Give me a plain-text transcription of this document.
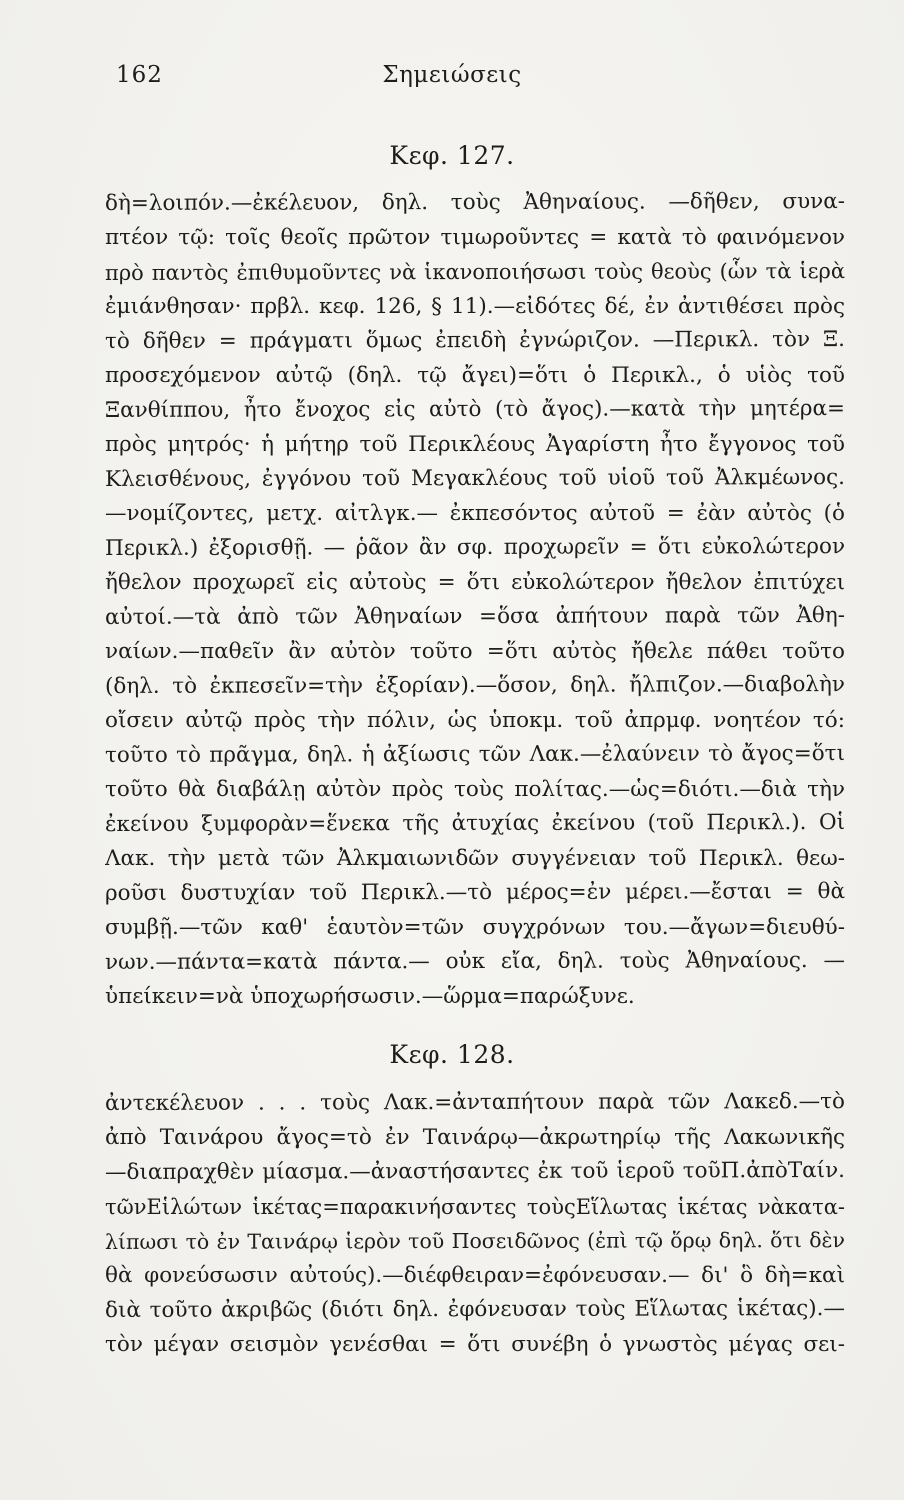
162	Σημειώσεις
Κεφ. 127.
δὴ=λοιπόν.—ἐκέλευον, δηλ. τοὺς Ἀθηναίους. —δῆθεν, συνα-
πτέον τῷ: τοῖς θεοῖς πρῶτον τιμωροῦντες = κατὰ τὸ φαινόμενον
πρὸ παντὸς ἐπιθυμοῦντες νὰ ἱκανοποιήσωσι τοὺς θεοὺς (ὧν τὰ ἱερὰ
ἐμιάνθησαν· πρβλ. κεφ. 126, § 11).—εἰδότες δέ, ἐν ἀντιθέσει πρὸς
τὸ δῆθεν = πράγματι ὅμως ἐπειδὴ ἐγνώριζον. —Περικλ. τὸν Ξ.
προσεχόμενον αὐτῷ (δηλ. τῷ ἄγει)=ὅτι ὁ Περικλ., ὁ υἱὸς τοῦ
Ξανθίππου, ἦτο ἔνοχος εἰς αὐτὸ (τὸ ἄγος).—κατὰ τὴν μητέρα=
πρὸς μητρός· ἡ μήτηρ τοῦ Περικλέους Ἀγαρίστη ἦτο ἔγγονος τοῦ
Κλεισθένους, ἐγγόνου τοῦ Μεγακλέους τοῦ υἱοῦ τοῦ Ἀλκμέωνος.
—νομίζοντες, μετχ. αἰτλγκ.— ἐκπεσόντος αὐτοῦ = ἐὰν αὐτὸς (ὁ
Περικλ.) ἐξορισθῇ. — ῥᾶον ἂν σφ. προχωρεῖν = ὅτι εὐκολώτερον
ἤθελον προχωρεῖ εἰς αὐτοὺς = ὅτι εὐκολώτερον ἤθελον ἐπιτύχει
αὐτοί.—τὰ ἀπὸ τῶν Ἀθηναίων =ὅσα ἀπήτουν παρὰ τῶν Ἀθη-
ναίων.—παθεῖν ἂν αὐτὸν τοῦτο =ὅτι αὐτὸς ἤθελε πάθει τοῦτο
(δηλ. τὸ ἐκπεσεῖν=τὴν ἐξορίαν).—ὅσον, δηλ. ἤλπιζον.—διαβολὴν
οἴσειν αὐτῷ πρὸς τὴν πόλιν, ὡς ὑποκμ. τοῦ ἀπρμφ. νοητέον τό:
τοῦτο τὸ πρᾶγμα, δηλ. ἡ ἀξίωσις τῶν Λακ.—ἐλαύνειν τὸ ἄγος=ὅτι
τοῦτο θὰ διαβάλῃ αὐτὸν πρὸς τοὺς πολίτας.—ὡς=διότι.—διὰ τὴν
ἐκείνου ξυμφορὰν=ἕνεκα τῆς ἀτυχίας ἐκείνου (τοῦ Περικλ.). Οἱ
Λακ. τὴν μετὰ τῶν Ἀλκμαιωνιδῶν συγγένειαν τοῦ Περικλ. θεω-
ροῦσι δυστυχίαν τοῦ Περικλ.—τὸ μέρος=ἐν μέρει.—ἔσται = θὰ
συμβῇ.—τῶν καθ' ἑαυτὸν=τῶν συγχρόνων του.—ἄγων=διευθύ-
νων.—πάντα=κατὰ πάντα.— οὐκ εἴα, δηλ. τοὺς Ἀθηναίους. —
ὑπείκειν=νὰ ὑποχωρήσωσιν.—ὥρμα=παρώξυνε.
Κεφ. 128.
ἀντεκέλευον . . . τοὺς Λακ.=ἀνταπήτουν παρὰ τῶν Λακεδ.—τὸ
ἀπὸ Ταινάρου ἄγος=τὸ ἐν Ταινάρῳ—ἀκρωτηρίῳ τῆς Λακωνικῆς
—διαπραχθὲν μίασμα.—ἀναστήσαντες ἐκ τοῦ ἱεροῦ τοῦΠ.ἀπὸΤαίν.
τῶνΕἱλώτων ἱκέτας=παρακινήσαντες τοὺςΕἵλωτας ἱκέτας νὰκατα-
λίπωσι τὸ ἐν Ταινάρῳ ἱερὸν τοῦ Ποσειδῶνος (ἐπὶ τῷ ὅρῳ δηλ. ὅτι δὲν
θὰ φονεύσωσιν αὐτούς).—διέφθειραν=ἐφόνευσαν.— δι' ὃ δὴ=καὶ
διὰ τοῦτο ἀκριβῶς (διότι δηλ. ἐφόνευσαν τοὺς Εἵλωτας ἱκέτας).—
τὸν μέγαν σεισμὸν γενέσθαι = ὅτι συνέβη ὁ γνωστὸς μέγας σει-
